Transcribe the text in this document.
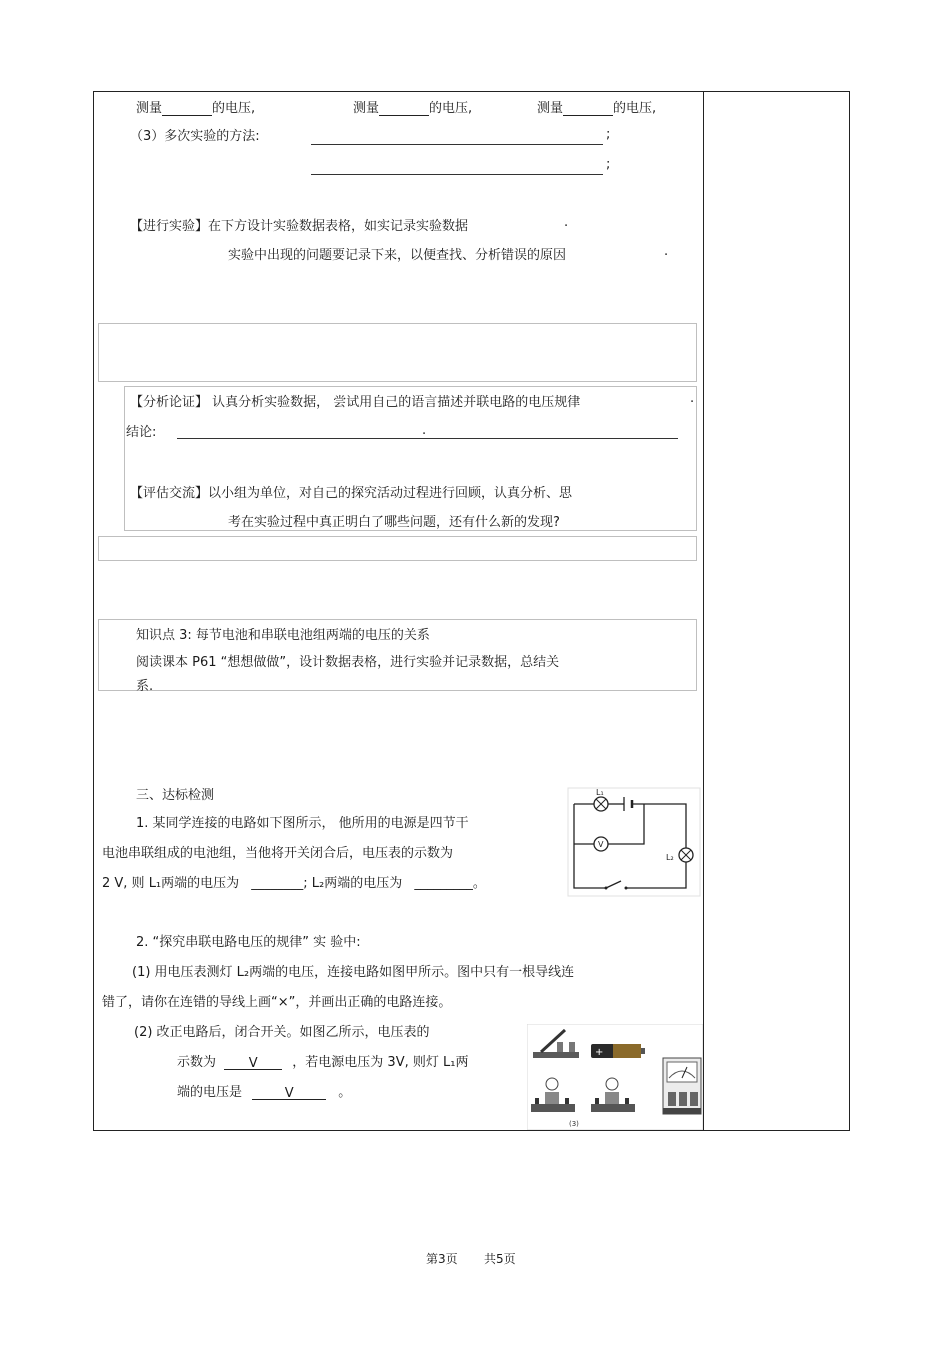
测量	的电压,	测量	的电压,	测量	的电压,
（3）多次实验的方法:	;
;
【进行实验】在下方设计实验数据表格，如实记录实验数据	.
实验中出现的问题要记录下来，以便查找、分析错误的原因	.
【分析论证】 认真分析实验数据， 尝试用自己的语言描述并联电路的电压规律	.
结论:	.
【评估交流】以小组为单位，对自己的探究活动过程进行回顾，认真分析、思
考在实验过程中真正明白了哪些问题，还有什么新的发现?
知识点 3: 每节电池和串联电池组两端的电压的关系
阅读课本 P61 “想想做做”，设计数据表格，进行实验并记录数据，总结关
系.
三、达标检测
1. 某同学连接的电路如下图所示， 他所用的电源是四节干
电池串联组成的电池组，当他将开关闭合后，电压表的示数为
2 V, 则 L₁两端的电压为 ________; L₂两端的电压为 _________。
L₁
V
L₂
2. “探究串联电路电压的规律” 实 验中:
(1) 用电压表测灯 L₂两端的电压，连接电路如图甲所示。图中只有一根导线连
错了，请你在连错的导线上画“×”，并画出正确的电路连接。
(2) 改正电路后，闭合开关。如图乙所示，电压表的
示数为	V	，若电源电压为 3V, 则灯 L₁两
端的电压是	V	。
+
(3)
第3页 共5页
